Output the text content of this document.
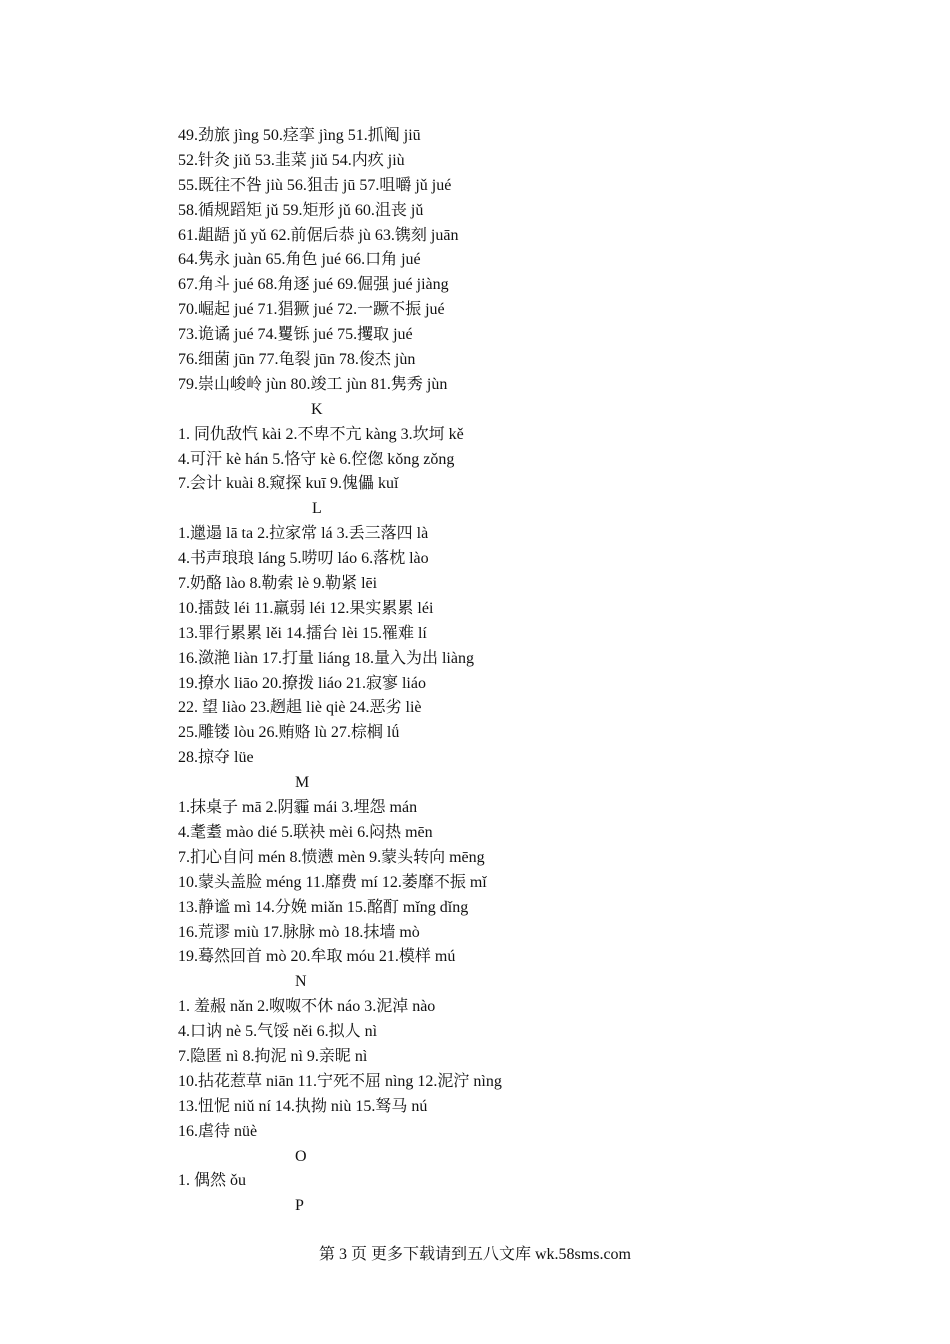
49.劲旅 jìng 50.痉挛 jìng 51.抓阄 jiū
52.针灸 jiǔ 53.韭菜 jiǔ 54.内疚 jiù
55.既往不咎 jiù 56.狙击 jū 57.咀嚼 jǔ jué
58.循规蹈矩 jǔ 59.矩形 jǔ 60.沮丧 jǔ
61.龃龉 jǔ yǔ 62.前倨后恭 jù 63.镌刻 juān
64.隽永 juàn 65.角色 jué 66.口角 jué
67.角斗 jué 68.角逐 jué 69.倔强 jué jiàng
70.崛起 jué 71.猖獗 jué 72.一蹶不振 jué
73.诡谲 jué 74.矍铄 jué 75.攫取 jué
76.细菌 jūn 77.龟裂 jūn 78.俊杰 jùn
79.崇山峻岭 jùn 80.竣工 jùn 81.隽秀 jùn
K
1. 同仇敌忾 kài 2.不卑不亢 kàng 3.坎坷 kě
4.可汗 kè hán 5.恪守 kè 6.倥偬 kǒng zǒng
7.会计 kuài 8.窥探 kuī 9.傀儡 kuǐ
L
1.邋遢 lā ta 2.拉家常 lá 3.丢三落四 là
4.书声琅琅 láng 5.唠叨 láo 6.落枕 lào
7.奶酪 lào 8.勒索 lè 9.勒紧 lēi
10.擂鼓 léi 11.羸弱 léi 12.果实累累 léi
13.罪行累累 lěi 14.擂台 lèi 15.罹难 lí
16.潋滟 liàn 17.打量 liáng 18.量入为出 liàng
19.撩水 liāo 20.撩拨 liáo 21.寂寥 liáo
22. 望 liào 23.趔趄 liè qiè 24.恶劣 liè
25.雕镂 lòu 26.贿赂 lù 27.棕榈 lǘ
28.掠夺 lüe
M
1.抹桌子 mā 2.阴霾 mái 3.埋怨 mán
4.耄耋 mào dié 5.联袂 mèi 6.闷热 mēn
7.扪心自问 mén 8.愤懑 mèn 9.蒙头转向 mēng
10.蒙头盖脸 méng 11.靡费 mí 12.萎靡不振 mǐ
13.静谧 mì 14.分娩 miǎn 15.酩酊 mǐng dǐng
16.荒谬 miù 17.脉脉 mò 18.抹墙 mò
19.蓦然回首 mò 20.牟取 móu 21.模样 mú
N
1. 羞赧 nǎn 2.呶呶不休 náo 3.泥淖 nào
4.口讷 nè 5.气馁 něi 6.拟人 nì
7.隐匿 nì 8.拘泥 nì 9.亲昵 nì
10.拈花惹草 niān 11.宁死不屈 nìng 12.泥泞 nìng
13.忸怩 niǔ ní 14.执拗 niù 15.驽马 nú
16.虐待 nüè
O
1. 偶然 ǒu
P
第 3 页 更多下载请到五八文库 wk.58sms.com
